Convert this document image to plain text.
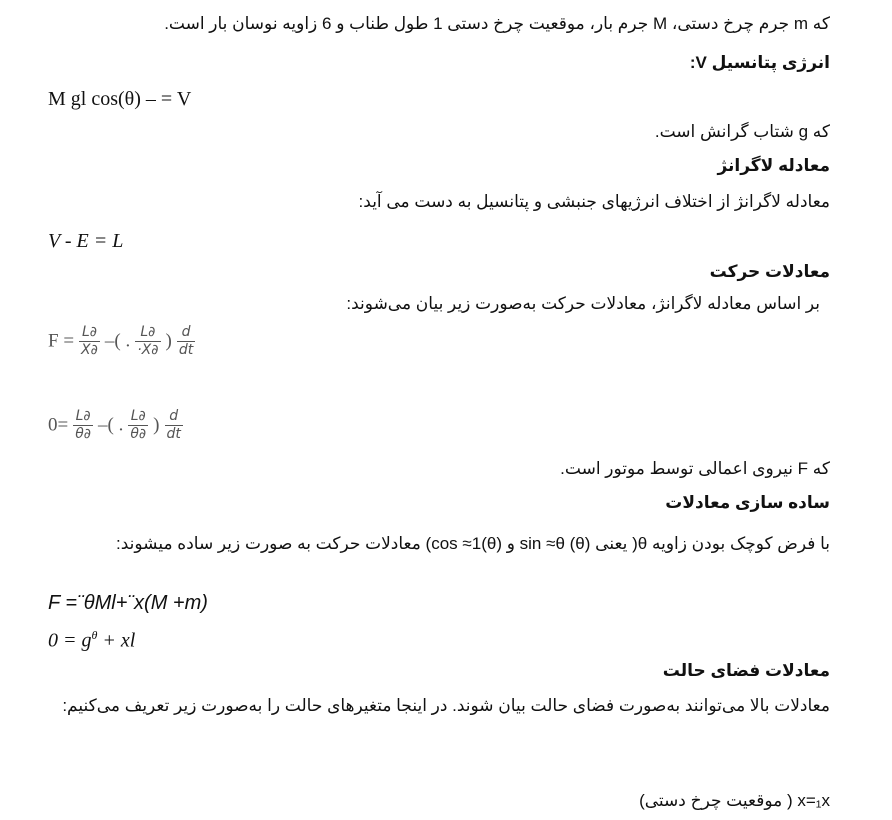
که m جرم چرخ دستی، M جرم بار، موقعیت چرخ دستی 1 طول طناب و 6 زاویه نوسان بار است.
انرژی پتانسیل V:
M gl cos(θ) – = V
که g شتاب گرانش است.
معادله لاگرانژ
معادله لاگرانژ از اختلاف انرژیهای جنبشی و پتانسیل به دست می آید:
V - E = L
معادلات حرکت
بر اساس معادله لاگرانژ، معادلات حرکت به‌صورت زیر بیان می‌شوند:
$F = \frac{L\partial}{X\partial}$ –( . $\frac{L\partial}{\cdot X\partial}$ ) $\frac{d}{dt}$
$0= \frac{L\partial}{\theta\partial}$ –( . $\frac{L\partial}{\theta\partial}$ ) $\frac{d}{dt}$
که F نیروی اعمالی توسط موتور است.
ساده سازی معادلات
با فرض کوچک بودن زاویه θ( یعنی (θ) sin ≈θ و (θ)cos ≈1) معادلات حرکت به صورت زیر ساده میشوند:
F =¨θMl+¨x(M +m)
$0 = g^\theta$ + xl
معادلات فضای حالت
معادلات بالا می‌توانند به‌صورت فضای حالت بیان شوند. در اینجا متغیرهای حالت را به‌صورت زیر تعریف می‌کنیم:
x=₁x ( موقعیت چرخ دستی)
